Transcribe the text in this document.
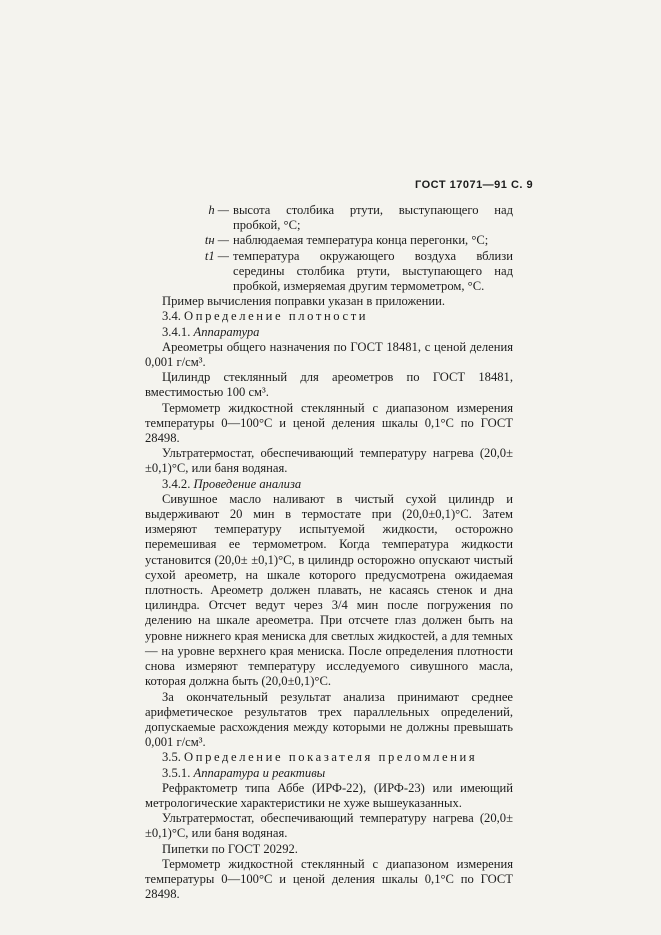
ГОСТ 17071—91 С. 9
h — высота столбика ртути, выступающего над пробкой, °С;
tн — наблюдаемая температура конца перегонки, °С;
t1 — температура окружающего воздуха вблизи середины столбика ртути, выступающего над пробкой, измеряемая другим термометром, °С.

Пример вычисления поправки указан в приложении.

3.4. Определение плотности

3.4.1. Аппаратура

Ареометры общего назначения по ГОСТ 18481, с ценой деления 0,001 г/см³.

Цилиндр стеклянный для ареометров по ГОСТ 18481, вместимостью 100 см³.

Термометр жидкостной стеклянный с диапазоном измерения температуры 0—100°С и ценой деления шкалы 0,1°С по ГОСТ 28498.

Ультратермостат, обеспечивающий температуру нагрева (20,0± ±0,1)°С, или баня водяная.

3.4.2. Проведение анализа

Сивушное масло наливают в чистый сухой цилиндр и выдерживают 20 мин в термостате при (20,0±0,1)°С. Затем измеряют температуру испытуемой жидкости, осторожно перемешивая ее термометром. Когда температура жидкости установится (20,0± ±0,1)°С, в цилиндр осторожно опускают чистый сухой ареометр, на шкале которого предусмотрена ожидаемая плотность. Ареометр должен плавать, не касаясь стенок и дна цилиндра. Отсчет ведут через 3/4 мин после погружения по делению на шкале ареометра. При отсчете глаз должен быть на уровне нижнего края мениска для светлых жидкостей, а для темных — на уровне верхнего края мениска. После определения плотности снова измеряют температуру исследуемого сивушного масла, которая должна быть (20,0±0,1)°С.

За окончательный результат анализа принимают среднее арифметическое результатов трех параллельных определений, допускаемые расхождения между которыми не должны превышать 0,001 г/см³.

3.5. Определение показателя преломления

3.5.1. Аппаратура и реактивы

Рефрактометр типа Аббе (ИРФ-22), (ИРФ-23) или имеющий метрологические характеристики не хуже вышеуказанных.

Ультратермостат, обеспечивающий температуру нагрева (20,0± ±0,1)°С, или баня водяная.

Пипетки по ГОСТ 20292.

Термометр жидкостной стеклянный с диапазоном измерения температуры 0—100°С и ценой деления шкалы 0,1°С по ГОСТ 28498.
